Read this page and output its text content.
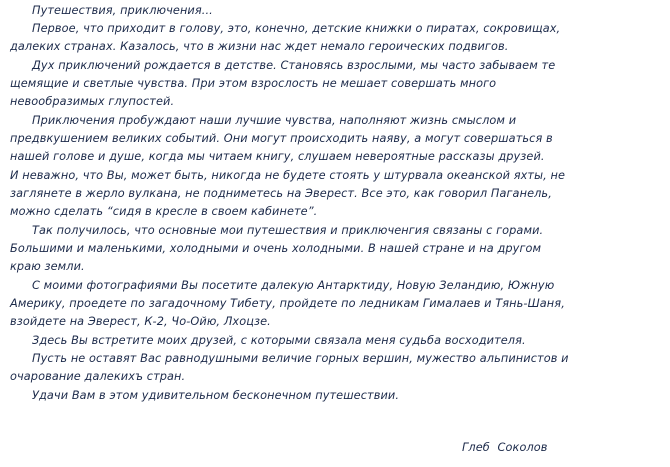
Путешествия, приключения...
Первое, что приходит в голову, это, конечно, детские книжки о пиратах, сокровищах,
далеких странах. Казалось, что в жизни нас ждет немало героических подвигов.
Дух приключений рождается в детстве. Становясь взрослыми, мы часто забываем те
щемящие и светлые чувства. При этом взрослость не мешает совершать много
невообразимых глупостей.
Приключения пробуждают наши лучшие чувства, наполняют жизнь смыслом и
предвкушением великих событий. Они могут происходить наяву, а могут совершаться в
нашей голове и душе, когда мы читаем книгу, слушаем невероятные рассказы друзей.
И неважно, что Вы, может быть, никогда не будете стоять у штурвала океанской яхты, не
заглянете в жерло вулкана, не подниметесь на Эверест. Все это, как говорил Паганель,
можно сделать “сидя в кресле в своем кабинете”.
Так получилось, что основные мои путешествия и приключенгия связаны с горами.
Большими и маленькими, холодными и очень холодными. В нашей стране и на другом
краю земли.
С моими фотографиями Вы посетите далекую Антарктиду, Новую Зеландию, Южную
Америку, проедете по загадочному Тибету, пройдете по ледникам Гималаев и Тянь-Шаня,
взойдете на Эверест, К-2, Чо-Ойю, Лхоцзе.
Здесь Вы встретите моих друзей, с которыми связала меня судьба восходителя.
Пусть не оставят Вас равнодушными величие горных вершин, мужество альпинистов и
очарование далекихъ стран.
Удачи Вам в этом удивительном бесконечном путешествии.
Глеб Соколов
